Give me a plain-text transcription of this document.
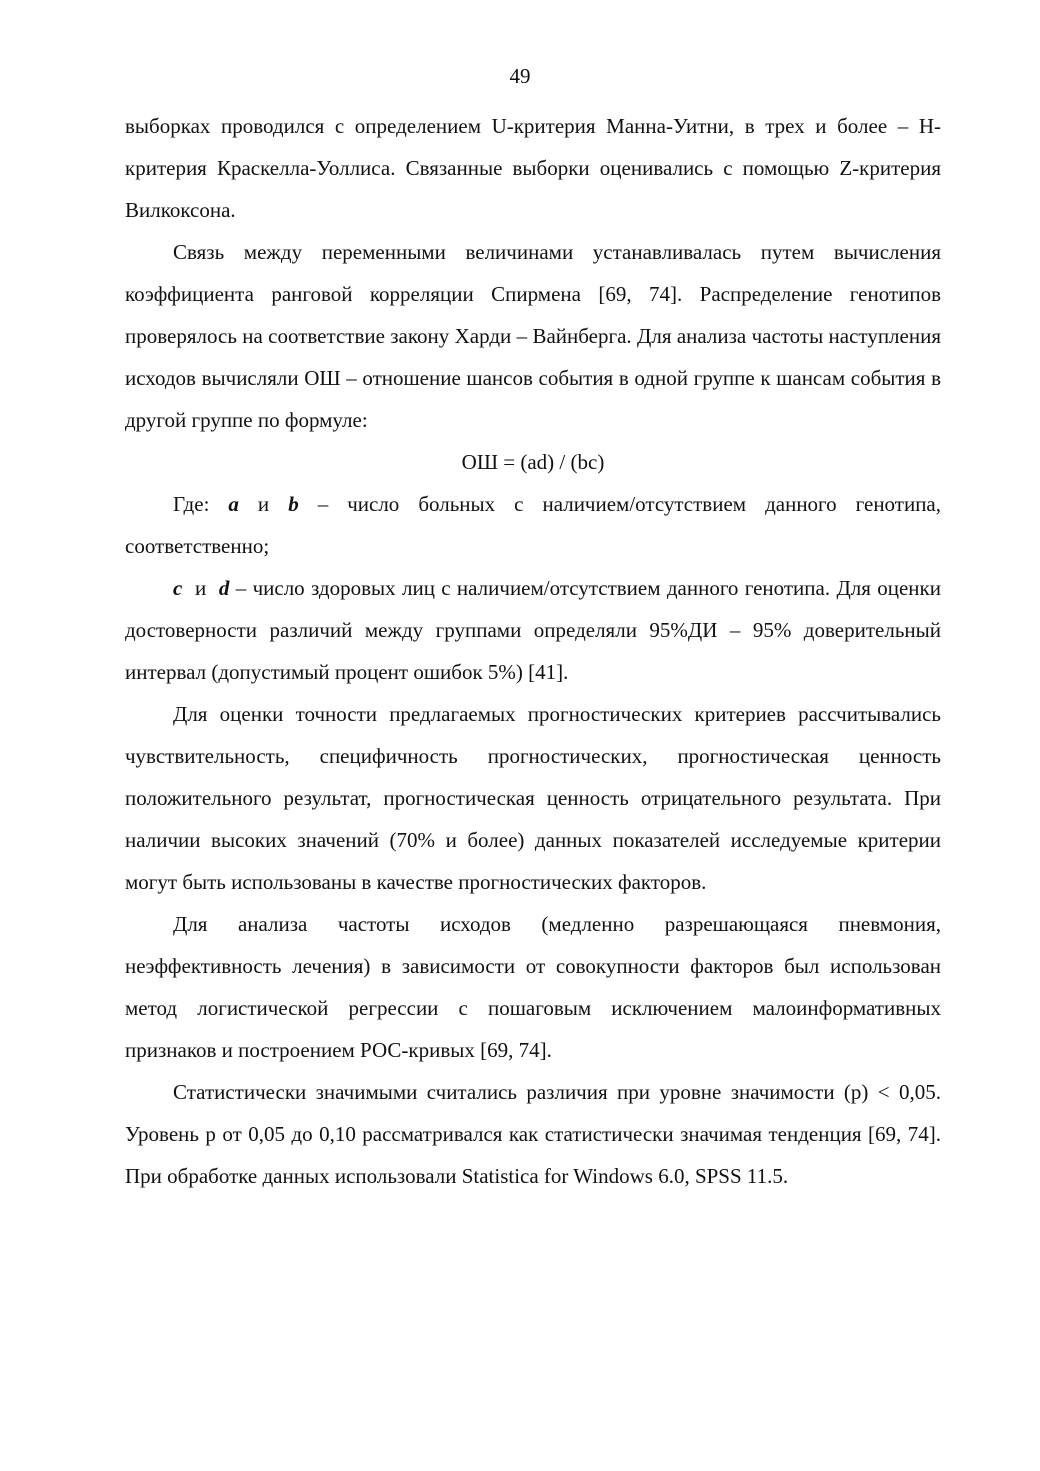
49

выборках проводился с определением U-критерия Манна-Уитни, в трех и более – H- критерия Краскелла-Уоллиса. Связанные выборки оценивались с помощью Z-критерия Вилкоксона.

Связь между переменными величинами устанавливалась путем вычисления коэффициента ранговой корреляции Спирмена [69, 74]. Распределение генотипов проверялось на соответствие закону Харди – Вайнберга. Для анализа частоты наступления исходов вычисляли ОШ – отношение шансов события в одной группе к шансам события в другой группе по формуле:

ОШ = (ad) / (bc)

Где: a и b – число больных с наличием/отсутствием данного генотипа, соответственно;

c  и  d – число здоровых лиц с наличием/отсутствием данного генотипа. Для оценки достоверности различий между группами определяли 95%ДИ – 95% доверительный интервал (допустимый процент ошибок 5%) [41].

Для оценки точности предлагаемых прогностических критериев рассчитывались чувствительность, специфичность прогностических, прогностическая ценность положительного результат, прогностическая ценность отрицательного результата. При наличии высоких значений (70% и более) данных показателей исследуемые критерии могут быть использованы в качестве прогностических факторов.

Для анализа частоты исходов (медленно разрешающаяся пневмония, неэффективность лечения) в зависимости от совокупности факторов был использован метод логистической регрессии с пошаговым исключением малоинформативных признаков и построением РОС-кривых [69, 74].

Статистически значимыми считались различия при уровне значимости (р) < 0,05. Уровень р от 0,05 до 0,10 рассматривался как статистически значимая тенденция [69, 74]. При обработке данных использовали Statistica for Windows 6.0, SPSS 11.5.
